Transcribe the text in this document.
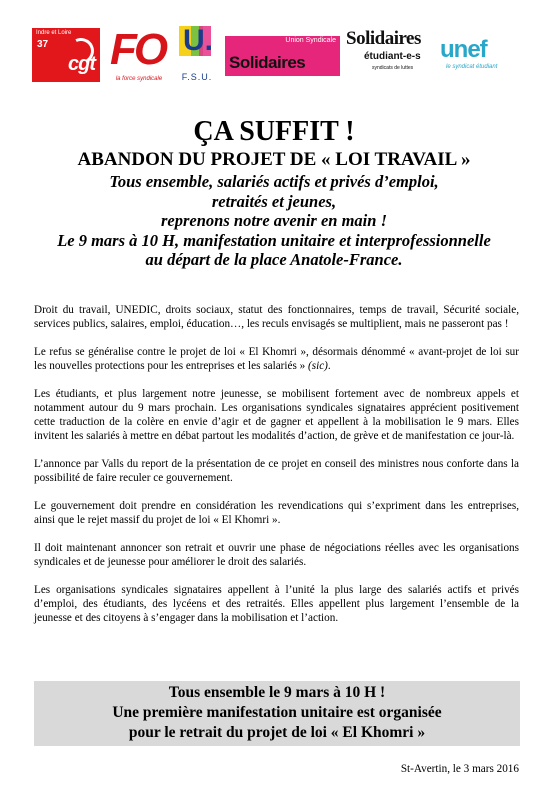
Indre et Loire
37
cgt FO
la force syndicale
U.
F.S.U.
Union Syndicale
Solidaires
Solidaires
étudiant-e-s
syndicats de luttes
unef
le syndicat étudiant
ÇA SUFFIT !
ABANDON DU PROJET DE « LOI TRAVAIL »
Tous ensemble, salariés actifs et privés d’emploi,
retraités et jeunes,
reprenons notre avenir en main !
Le 9 mars à 10 H, manifestation unitaire et interprofessionnelle
au départ de la place Anatole-France.

Droit du travail, UNEDIC, droits sociaux, statut des fonctionnaires, temps de travail, Sécurité sociale, services publics, salaires, emploi, éducation…, les reculs envisagés se multiplient, mais ne passeront pas !

Le refus se généralise contre le projet de loi « El Khomri », désormais dénommé « avant-projet de loi sur les nouvelles protections pour les entreprises et les salariés » (sic).

Les étudiants, et plus largement notre jeunesse, se mobilisent fortement avec de nombreux appels et notamment autour du 9 mars prochain. Les organisations syndicales signataires apprécient positivement cette traduction de la colère en envie d’agir et de gagner et appellent à la mobilisation le 9 mars. Elles invitent les salariés à mettre en débat partout les modalités d’action, de grève et de manifestation ce jour-là.

L’annonce par Valls du report de la présentation de ce projet en conseil des ministres nous conforte dans la possibilité de faire reculer ce gouvernement.

Le gouvernement doit prendre en considération les revendications qui s’expriment dans les entreprises, ainsi que le rejet massif du projet de loi « El Khomri ».

Il doit maintenant annoncer son retrait et ouvrir une phase de négociations réelles avec les organisations syndicales et de jeunesse pour améliorer le droit des salariés.

Les organisations syndicales signataires appellent à l’unité la plus large des salariés actifs et privés d’emploi, des étudiants, des lycéens et des retraités. Elles appellent plus largement l’ensemble de la jeunesse et des citoyens à s’engager dans la mobilisation et l’action.

Tous ensemble le 9 mars à 10 H !
Une première manifestation unitaire est organisée
pour le retrait du projet de loi « El Khomri »
St-Avertin, le 3 mars 2016
